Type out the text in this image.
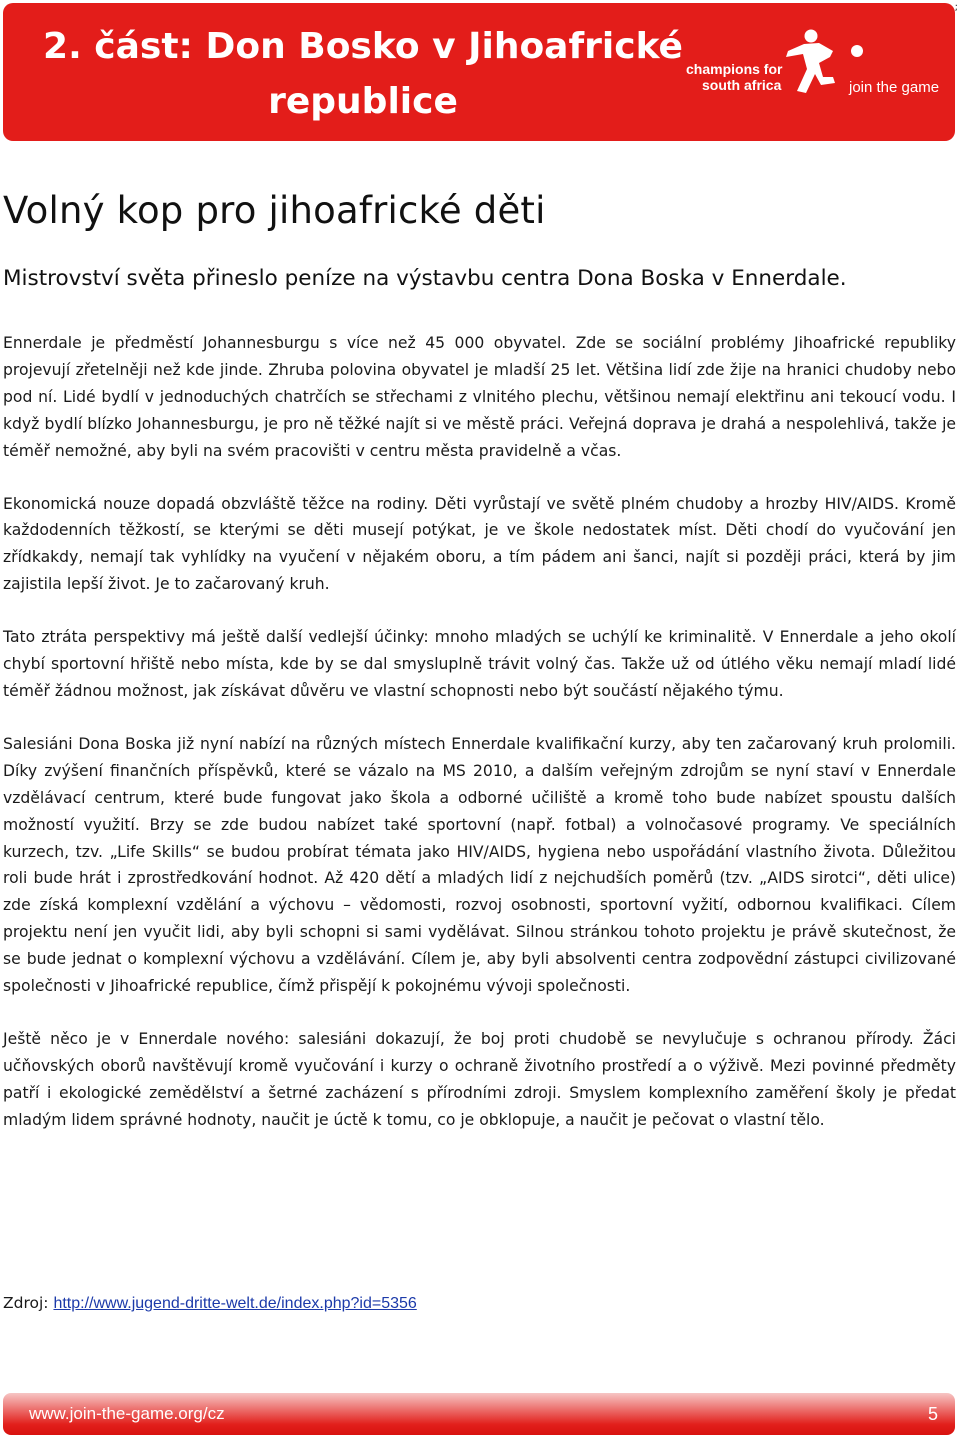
2. část: Don Bosko v Jihoafrické
republice
champions for
south africa	join the game
;
Volný kop pro jihoafrické děti
Mistrovství světa přineslo peníze na výstavbu centra Dona Boska v Ennerdale.

Ennerdale je předměstí Johannesburgu s více než 45 000 obyvatel. Zde se sociální problémy Jihoafrické republiky projevují zřetelněji než kde jinde. Zhruba polovina obyvatel je mladší 25 let. Většina lidí zde žije na hranici chudoby nebo pod ní. Lidé bydlí v jednoduchých chatrčích se střechami z vlnitého plechu, většinou nemají elektřinu ani tekoucí vodu. I když bydlí blízko Johannesburgu, je pro ně těžké najít si ve městě práci. Veřejná doprava je drahá a nespolehlivá, takže je téměř nemožné, aby byli na svém pracovišti v centru města pravidelně a včas.

Ekonomická nouze dopadá obzvláště těžce na rodiny. Děti vyrůstají ve světě plném chudoby a hrozby HIV/AIDS. Kromě každodenních těžkostí, se kterými se děti musejí potýkat, je ve škole nedostatek míst. Děti chodí do vyučování jen zřídkakdy, nemají tak vyhlídky na vyučení v nějakém oboru, a tím pádem ani šanci, najít si později práci, která by jim zajistila lepší život. Je to začarovaný kruh.

Tato ztráta perspektivy má ještě další vedlejší účinky: mnoho mladých se uchýlí ke kriminalitě. V Ennerdale a jeho okolí chybí sportovní hřiště nebo místa, kde by se dal smysluplně trávit volný čas. Takže už od útlého věku nemají mladí lidé téměř žádnou možnost, jak získávat důvěru ve vlastní schopnosti nebo být součástí nějakého týmu.

Salesiáni Dona Boska již nyní nabízí na různých místech Ennerdale kvalifikační kurzy, aby ten začarovaný kruh prolomili. Díky zvýšení finančních příspěvků, které se vázalo na MS 2010, a dalším veřejným zdrojům se nyní staví v Ennerdale vzdělávací centrum, které bude fungovat jako škola a odborné učiliště a kromě toho bude nabízet spoustu dalších možností využití. Brzy se zde budou nabízet také sportovní (např. fotbal) a volnočasové programy. Ve speciálních kurzech, tzv. „Life Skills“ se budou probírat témata jako HIV/AIDS, hygiena nebo uspořádání vlastního života. Důležitou roli bude hrát i zprostředkování hodnot. Až 420 dětí a mladých lidí z nejchudších poměrů (tzv. „AIDS sirotci“, děti ulice) zde získá komplexní vzdělání a výchovu – vědomosti, rozvoj osobnosti, sportovní vyžití, odbornou kvalifikaci. Cílem projektu není jen vyučit lidi, aby byli schopni si sami vydělávat. Silnou stránkou tohoto projektu je právě skutečnost, že se bude jednat o komplexní výchovu a vzdělávání. Cílem je, aby byli absolventi centra zodpovědní zástupci civilizované společnosti v Jihoafrické republice, čímž přispějí k pokojnému vývoji společnosti.

Ještě něco je v Ennerdale nového: salesiáni dokazují, že boj proti chudobě se nevylučuje s ochranou přírody. Žáci učňovských oborů navštěvují kromě vyučování i kurzy o ochraně životního prostředí a o výživě. Mezi povinné předměty patří i ekologické zemědělství a šetrné zacházení s přírodními zdroji. Smyslem komplexního zaměření školy je předat mladým lidem správné hodnoty, naučit je úctě k tomu, co je obklopuje, a naučit je pečovat o vlastní tělo.

Zdroj: http://www.jugend-dritte-welt.de/index.php?id=5356
www.join-the-game.org/cz	5
